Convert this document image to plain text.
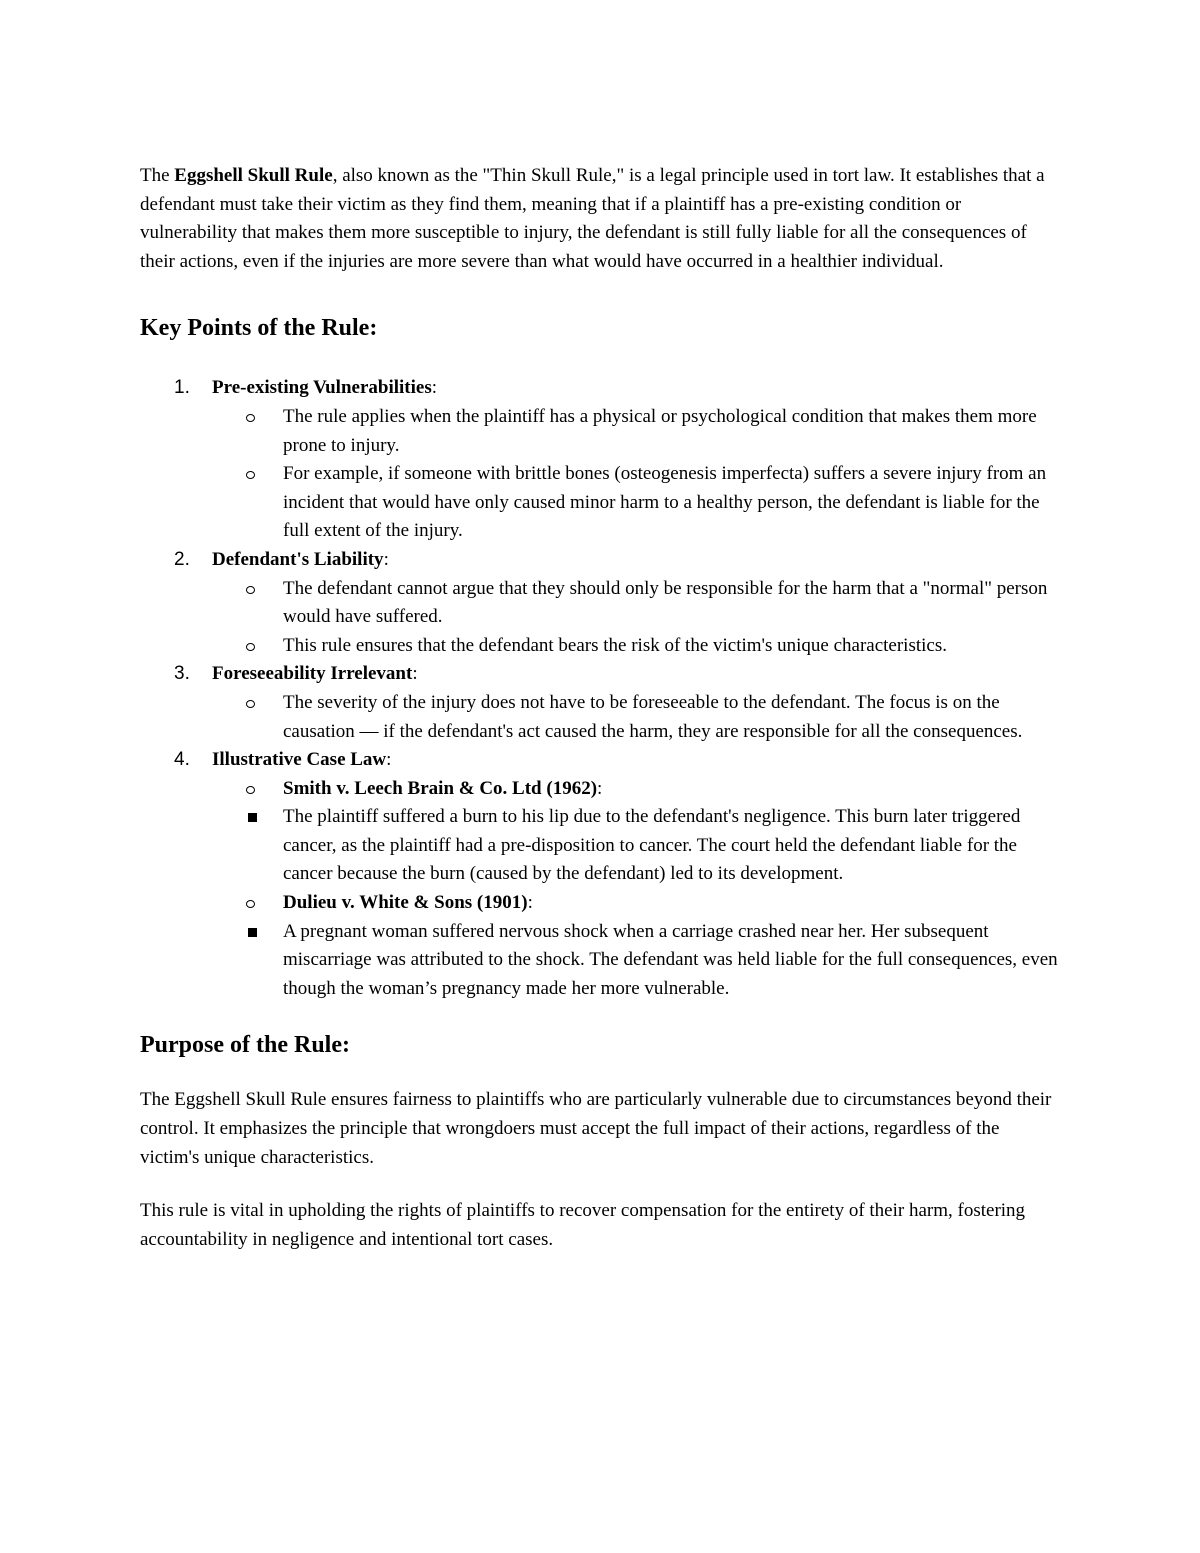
The Eggshell Skull Rule, also known as the "Thin Skull Rule," is a legal principle used in tort law. It establishes that a defendant must take their victim as they find them, meaning that if a plaintiff has a pre-existing condition or vulnerability that makes them more susceptible to injury, the defendant is still fully liable for all the consequences of their actions, even if the injuries are more severe than what would have occurred in a healthier individual.

Key Points of the Rule:
1. Pre-existing Vulnerabilities:
The rule applies when the plaintiff has a physical or psychological condition that makes them more prone to injury.
For example, if someone with brittle bones (osteogenesis imperfecta) suffers a severe injury from an incident that would have only caused minor harm to a healthy person, the defendant is liable for the full extent of the injury.
2. Defendant's Liability:
The defendant cannot argue that they should only be responsible for the harm that a "normal" person would have suffered.
This rule ensures that the defendant bears the risk of the victim's unique characteristics.
3. Foreseeability Irrelevant:
The severity of the injury does not have to be foreseeable to the defendant. The focus is on the causation — if the defendant's act caused the harm, they are responsible for all the consequences.
4. Illustrative Case Law:
Smith v. Leech Brain & Co. Ltd (1962):
The plaintiff suffered a burn to his lip due to the defendant's negligence. This burn later triggered cancer, as the plaintiff had a pre-disposition to cancer. The court held the defendant liable for the cancer because the burn (caused by the defendant) led to its development.
Dulieu v. White & Sons (1901):
A pregnant woman suffered nervous shock when a carriage crashed near her. Her subsequent miscarriage was attributed to the shock. The defendant was held liable for the full consequences, even though the woman’s pregnancy made her more vulnerable.
Purpose of the Rule:

The Eggshell Skull Rule ensures fairness to plaintiffs who are particularly vulnerable due to circumstances beyond their control. It emphasizes the principle that wrongdoers must accept the full impact of their actions, regardless of the victim's unique characteristics.

This rule is vital in upholding the rights of plaintiffs to recover compensation for the entirety of their harm, fostering accountability in negligence and intentional tort cases.
